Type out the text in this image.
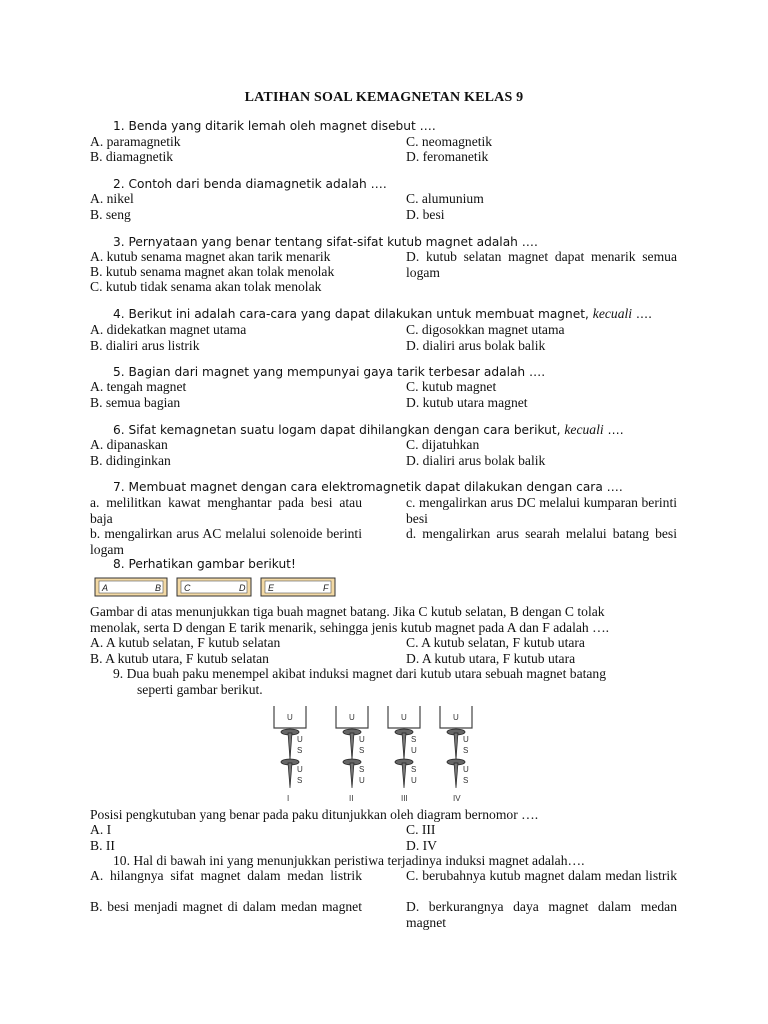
LATIHAN SOAL KEMAGNETAN KELAS 9
1. Benda yang ditarik lemah oleh magnet disebut ….
A. paramagnetik
B. diamagnetik
C. neomagnetik
D. feromanetik
2. Contoh dari benda diamagnetik adalah ….
A. nikel
B. seng
C. alumunium
D. besi
3. Pernyataan yang benar tentang sifat-sifat kutub magnet adalah ….
A. kutub senama magnet akan tarik menarik
B. kutub senama magnet akan tolak menolak
C. kutub tidak senama akan tolak menolak
D. kutub selatan magnet dapat menarik semua logam
4. Berikut ini adalah cara-cara yang dapat dilakukan untuk membuat magnet, kecuali ….
A. didekatkan magnet utama
B. dialiri arus listrik
C. digosokkan magnet utama
D. dialiri arus bolak balik
5. Bagian dari magnet yang mempunyai gaya tarik terbesar adalah ….
A. tengah magnet
B. semua bagian
C. kutub magnet
D. kutub utara magnet
6. Sifat kemagnetan suatu logam dapat dihilangkan dengan cara berikut, kecuali ….
A. dipanaskan
B. didinginkan
C. dijatuhkan
D. dialiri arus bolak balik
7. Membuat magnet dengan cara elektromagnetik dapat dilakukan dengan cara ….
a. melilitkan kawat menghantar pada besi atau baja
b. mengalirkan arus AC melalui solenoide berinti logam
c. mengalirkan arus DC melalui kumparan berinti besi
d. mengalirkan arus searah melalui batang besi
8. Perhatikan gambar berikut!
A	B	C	D	E	F
Gambar di atas menunjukkan tiga buah magnet batang. Jika C kutub selatan, B dengan C tolak
menolak, serta D dengan E tarik menarik, sehingga jenis kutub magnet pada A dan F adalah ….
A. A kutub selatan, F kutub selatan
B. A kutub utara, F kutub selatan
C. A kutub selatan, F kutub utara
D. A kutub utara, F kutub utara
9. Dua buah paku menempel akibat induksi magnet dari kutub utara sebuah magnet batang
seperti gambar berikut.
U
U
S
U
S
I
U
U
S
S
U
II
U
S
U
S
U
III
U
U
S
U
S
IV
Posisi pengkutuban yang benar pada paku ditunjukkan oleh diagram bernomor ….
A. I
B. II
C. III
D. IV
10. Hal di bawah ini yang menunjukkan peristiwa terjadinya induksi magnet adalah….
A. hilangnya sifat magnet dalam medan listrik
B. besi menjadi magnet di dalam medan magnet
C. berubahnya kutub magnet dalam medan listrik
D. berkurangnya daya magnet dalam medan magnet
